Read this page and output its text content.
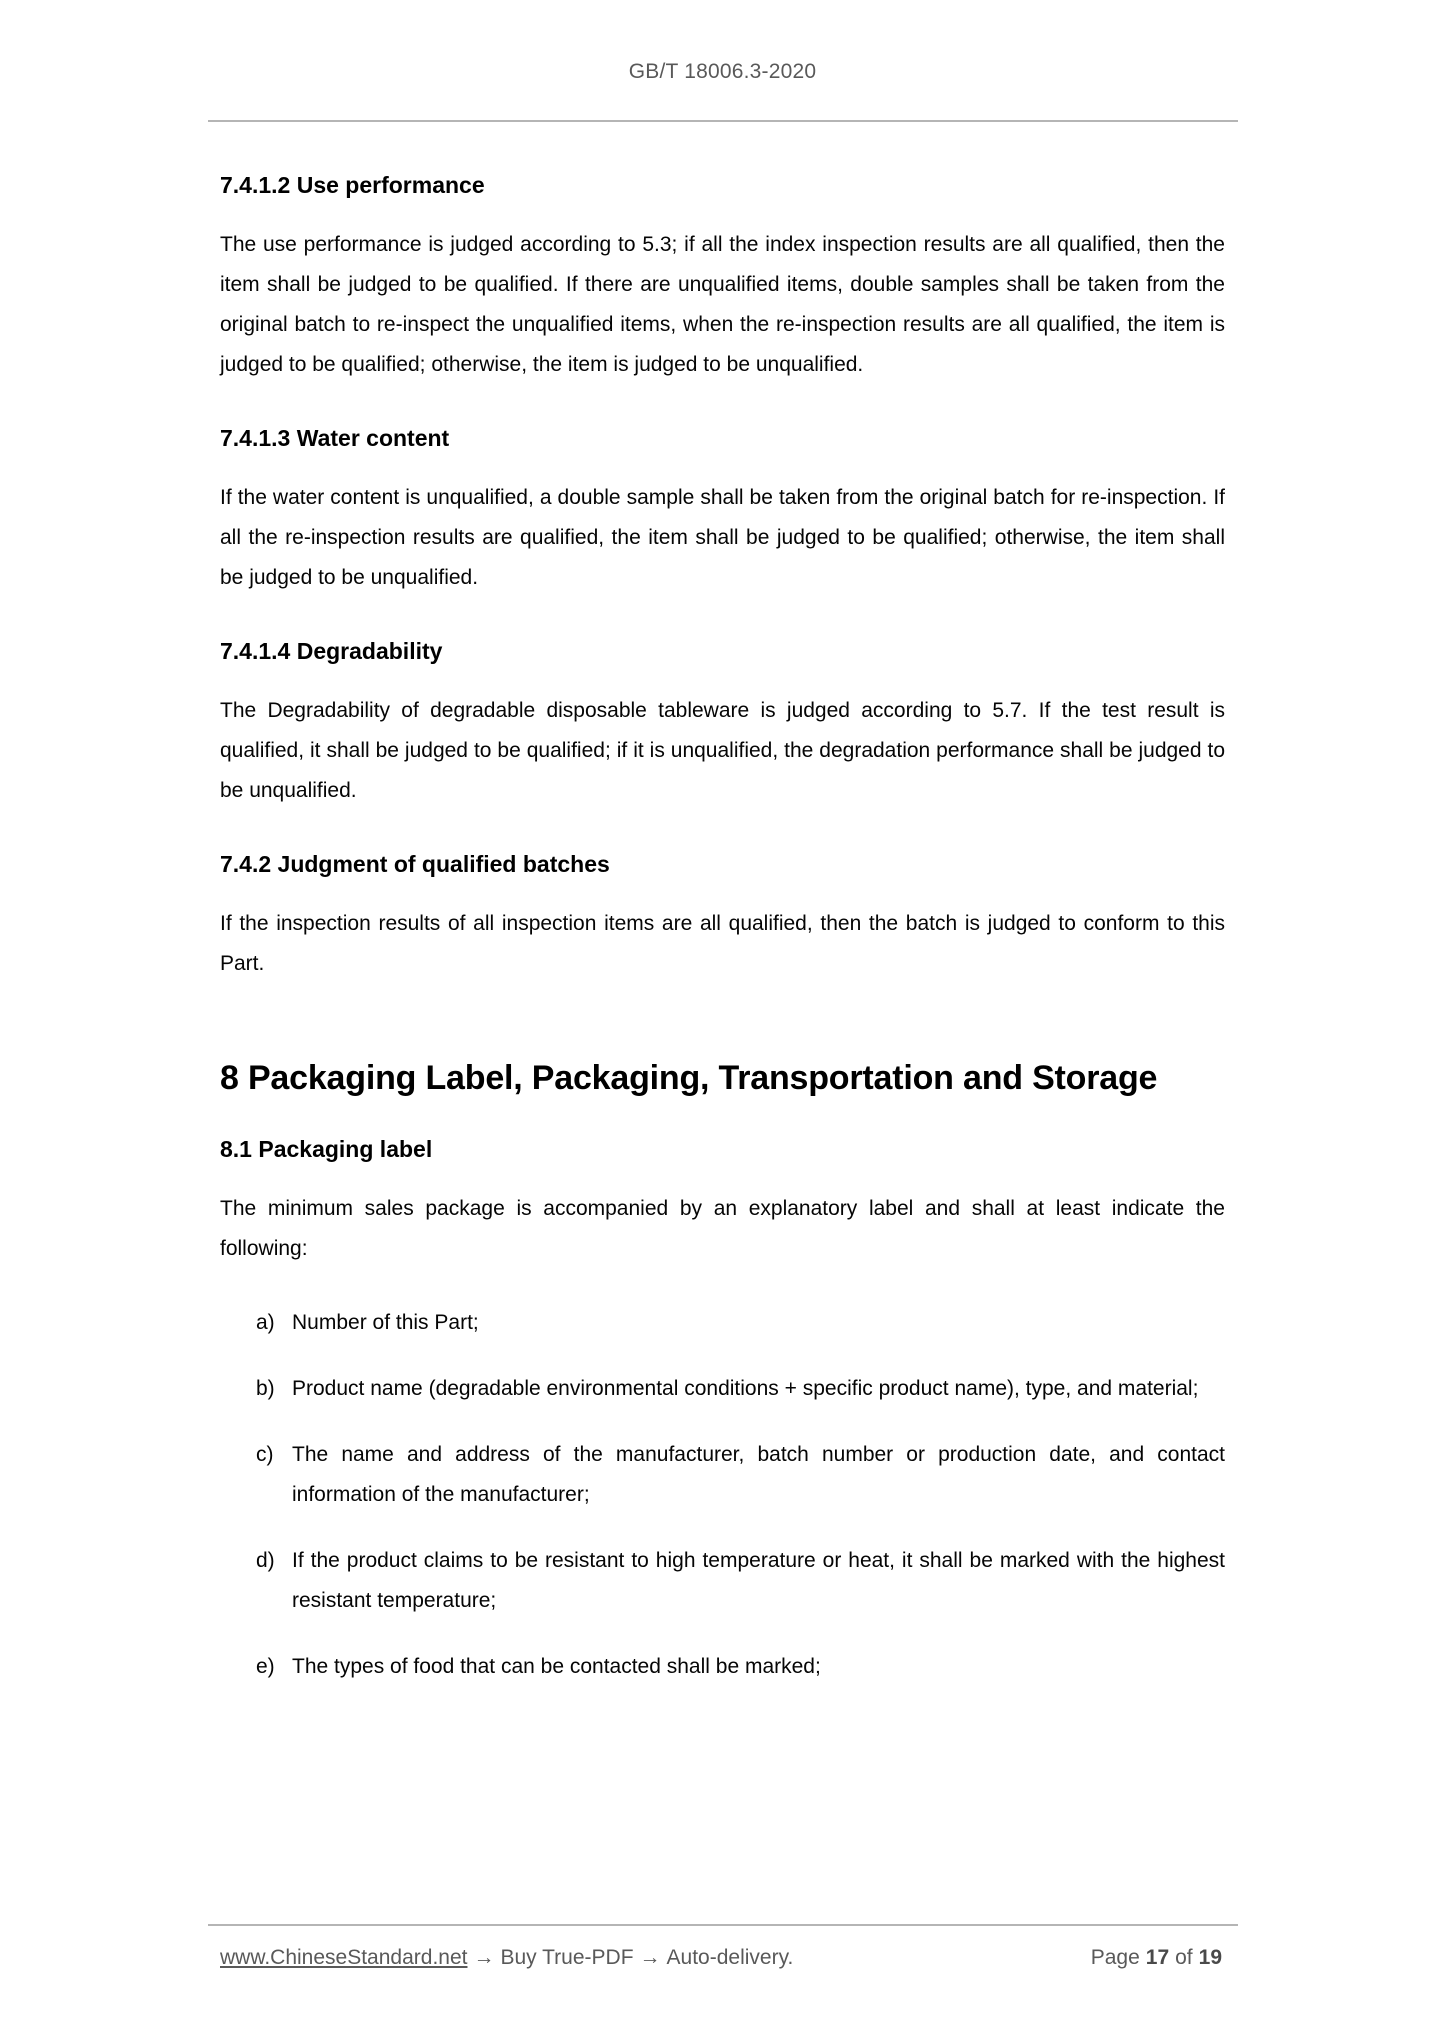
GB/T 18006.3-2020
7.4.1.2 Use performance

The use performance is judged according to 5.3; if all the index inspection results are all qualified, then the item shall be judged to be qualified. If there are unqualified items, double samples shall be taken from the original batch to re-inspect the unqualified items, when the re-inspection results are all qualified, the item is judged to be qualified; otherwise, the item is judged to be unqualified.

7.4.1.3 Water content

If the water content is unqualified, a double sample shall be taken from the original batch for re-inspection. If all the re-inspection results are qualified, the item shall be judged to be qualified; otherwise, the item shall be judged to be unqualified.

7.4.1.4 Degradability

The Degradability of degradable disposable tableware is judged according to 5.7. If the test result is qualified, it shall be judged to be qualified; if it is unqualified, the degradation performance shall be judged to be unqualified.

7.4.2 Judgment of qualified batches

If the inspection results of all inspection items are all qualified, then the batch is judged to conform to this Part.

8 Packaging Label, Packaging, Transportation and Storage
8.1 Packaging label

The minimum sales package is accompanied by an explanatory label and shall at least indicate the following:

a) Number of this Part;
b) Product name (degradable environmental conditions + specific product name), type, and material;
c) The name and address of the manufacturer, batch number or production date, and contact information of the manufacturer;
d) If the product claims to be resistant to high temperature or heat, it shall be marked with the highest resistant temperature;
e) The types of food that can be contacted shall be marked;
www.ChineseStandard.net → Buy True-PDF → Auto-delivery.	Page 17 of 19
